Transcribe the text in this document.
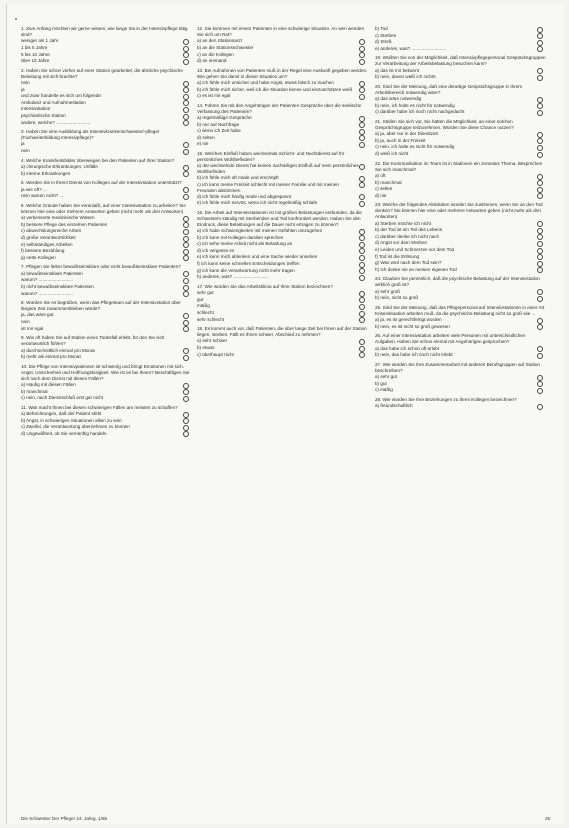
1. Zum Anfang möchten wir gerne wissen, wie lange Sie in der Intensivpflege tätig sind?
weniger als 1 Jahr
1 bis 5 Jahre
5 bis 10 Jahre
über 10 Jahre
2. Haben Sie schon vorher auf einer Station gearbeitet, die ähnliche psychische Belastung mit sich brachte?
nein
ja
und zwar handelte es sich um folgende:
Ambulanz und Aufnahmestation
Intensivstation
psychiatrische Station
andere, welche? ...........................
3. Haben Sie eine Ausbildung als Intensivkrankenschwester/-pfleger (Fachweiterbildung Intensivpflege)?
ja
nein
4. Welche Krankheitsbilder überwiegen bei den Patienten auf Ihrer Station?
a) chirurgische Erkrankungen, Unfälle
b) interne Erkrankungen
5. Werden Sie in Ihrem Dienst von Kollegen auf der Intensivstation unterstützt?
ja wie oft? ...
nein warum nicht? ...
6. Welche Gründe haben Sie veranlaßt, auf einer Intensivstation zu arbeiten? Sie können hier eine oder mehrere Antworten geben (nicht mehr als drei Antworten)
a) verbesserte medizinische Wissen
b) bessere Pflege des einzelnen Patienten
c) abwechslungsreiche Arbeit
d) große Verantwortlichkeit
e) selbständiges Arbeiten
f) bessere Bezahlung
g) nette Kollegen
7. Pflegen Sie lieber bewußtseinsklare oder nicht bewußtseinsklare Patienten?
a) bewußtseinsklare Patienten
warum? ...........................
b) nicht bewußtseinsklare Patienten
warum? ...........................
8. Würden Sie es begrüßen, wenn das Pflegeteam auf der Intensivstation über längere Zeit zusammenbleiben würde?
ja, das wäre gut
nein
ist mir egal
9. Wie oft haben Sie auf Station einen Todesfall erlebt, für den Sie sich verantwortlich fühlen?
a) durchschnittlich einmal pro Monat
b) mehr als einmal pro Monat
10. Die Pflege von Intensivpatienten ist schwierig und bringt Emotionen mit sich. Angst, Unsicherheit und Hoffnungslosigkeit. Wie ist es bei Ihnen? Beschäftigen Sie sich nach dem Dienst mit diesen Fällen?
a) Häufig mit diesen Fällen
b) manchmal
c) nein, nach Dienstschluß erst gar nicht
11. Was macht Ihnen bei diesen schwierigen Fällen am meisten zu schaffen?
a) Befürchtungen, daß der Patient stirbt
b) Angst, in schwierigen Situationen allein zu sein
c) Zweifel, die Verantwortung übernehmen zu können
d) Ungewißheit, ob Sie vernünftig handeln
12. Sie kommen mit einem Patienten in eine schwierige Situation. An wen wenden Sie sich um Rat?
a) an den Stationsarzt
b) an die Stationsschwester
c) an die Kollegen
d) an niemand
13. Bei Aufnahmen von Patienten muß in der Regel eine Auskunft gegeben werden. Wie gehen Sie damit in dieser Situation um?
a) ich fühle mich unsicher und habe Angst, etwas falsch zu machen
b) ich fühle mich sicher, weil ich die Situation kenne und einzuschätzen weiß
c) es ist mir egal
14. Führen Sie mit den Angehörigen der Patienten Gespräche über die seelische Verfassung des Patienten?
a) regelmäßige Gespräche
b) nur auf Nachfrage
c) wenn ich Zeit habe
d) selten
e) nie
15. Welchen Einfluß haben wechselnde Schicht- und Nachtdienst auf Ihr persönliches Wohlbefinden?
a) der wechselnde Dienst hat keinen nachteiligen Einfluß auf mein persönliches Wohlbefinden
b) ich fühle mich oft müde und erschöpft
c) ich kann meine Freizeit schlecht mit meiner Familie und mit meinen Freunden abstimmen
d) ich fühle mich häufig müde und abgespannt
e) ich fühle mich nervös, wenn ich nicht regelmäßig schlafe
16. Die Arbeit auf Intensivstationen ist mit großen Belastungen verbunden, da die Schwestern ständig mit Sterbenden und Tod konfrontiert werden. Haben Sie den Eindruck, diese Belastungen auf die Dauer nicht ertragen zu können?
a) ich habe Schwierigkeiten mit meinen Gefühlen umzugehen
b) ich kann mit Kollegen darüber sprechen
c) ich sehe meine Arbeit nicht als Belastung an
d) ich vergesse es
e) ich kann mich ablenken und eine Sache wieder ansehen
f) ich kann keine schnellen Entscheidungen treffen
g) ich kann die Verantwortung nicht mehr tragen
h) anderes, was? ...........................
17. Wie würden Sie das Arbeitsklima auf Ihrer Station bezeichnen?
sehr gut
gut
mäßig
schlecht
sehr schlecht
18. Es kommt auch vor, daß Patienten, die über lange Zeit bei Ihnen auf der Station liegen, sterben. Fällt es Ihnen schwer, Abschied zu nehmen?
a) sehr schwer
b) etwas
c) überhaupt nicht
b) Tod
c) Sterben
d) Streß
e) anderes, was? ...........................
19. Wüßten Sie von der Möglichkeit, daß Intensivpflegepersonal Gesprächsgruppen zur Verarbeitung der Arbeitsbelastung besuchen kann?
a) das ist mir bekannt
b) nein, davon weiß ich nichts
20. Sind Sie der Meinung, daß eine derartige Gesprächsgruppe in Ihrem Arbeitsbereich notwendig wäre?
a) das wäre notwendig
b) nein, ich halte es nicht für notwendig
c) darüber habe ich noch nicht nachgedacht
21. Stellen Sie sich vor, Sie hätten die Möglichkeit, an einer solchen Gesprächsgruppe teilzunehmen. Würden Sie diese Chance nutzen?
a) ja, aber nur in der Dienstzeit
b) ja, auch in der Freizeit
c) nein, ich halte es nicht für notwendig
d) weiß ich nicht
22. Die Kommunikation im Team ist in Stationen ein zentrales Thema. Besprechen Sie sich manchmal?
a) oft
b) manchmal
c) selten
d) nie
23. Welche der folgenden Aktivitäten würden Sie zustimmen, wenn Sie an den Tod denken? Sie können hier eine oder mehrere Antworten geben (nicht mehr als drei Antworten)
a) Sterben möchte ich nicht
b) der Tod ist ein Teil des Lebens
c) darüber denke ich nicht nach
d) Angst vor dem Sterben
e) Leiden und Schmerzen vor dem Tod
f) Tod ist die Erlösung
g) Was wird nach dem Tod sein?
h) Ich denke nie an meinen eigenen Tod
24. Glauben Sie persönlich, daß die psychische Belastung auf der Intensivstation wirklich groß ist?
a) sehr groß
b) nein, nicht so groß
25. Sind Sie der Meinung, daß das Pflegepersonal auf Intensivstationen in einer Art Krisensituation arbeiten muß, da die psychische Belastung nicht so groß wie ...
a) ja, es ist gerechtfertigt worden
b) nein, es ist nicht so groß gewesen
26. Auf einer Intensivstation arbeiten viele Personen mit unterschiedlichen Aufgaben. Haben Sie schon einmal mit Angehörigen gesprochen?
a) das habe ich schon oft erlebt
b) nein, das habe ich noch nicht erlebt
27. Wie würden Sie Ihre Zusammenarbeit mit anderen Berufsgruppen auf Station beschreiben?
a) sehr gut
b) gut
c) mäßig
28. Wie würden Sie Ihre Beziehungen zu Ihren Kollegen bezeichnen?
a) freundschaftlich
Die Schwester Der Pfleger 24. Jahrg. 1/85	25
